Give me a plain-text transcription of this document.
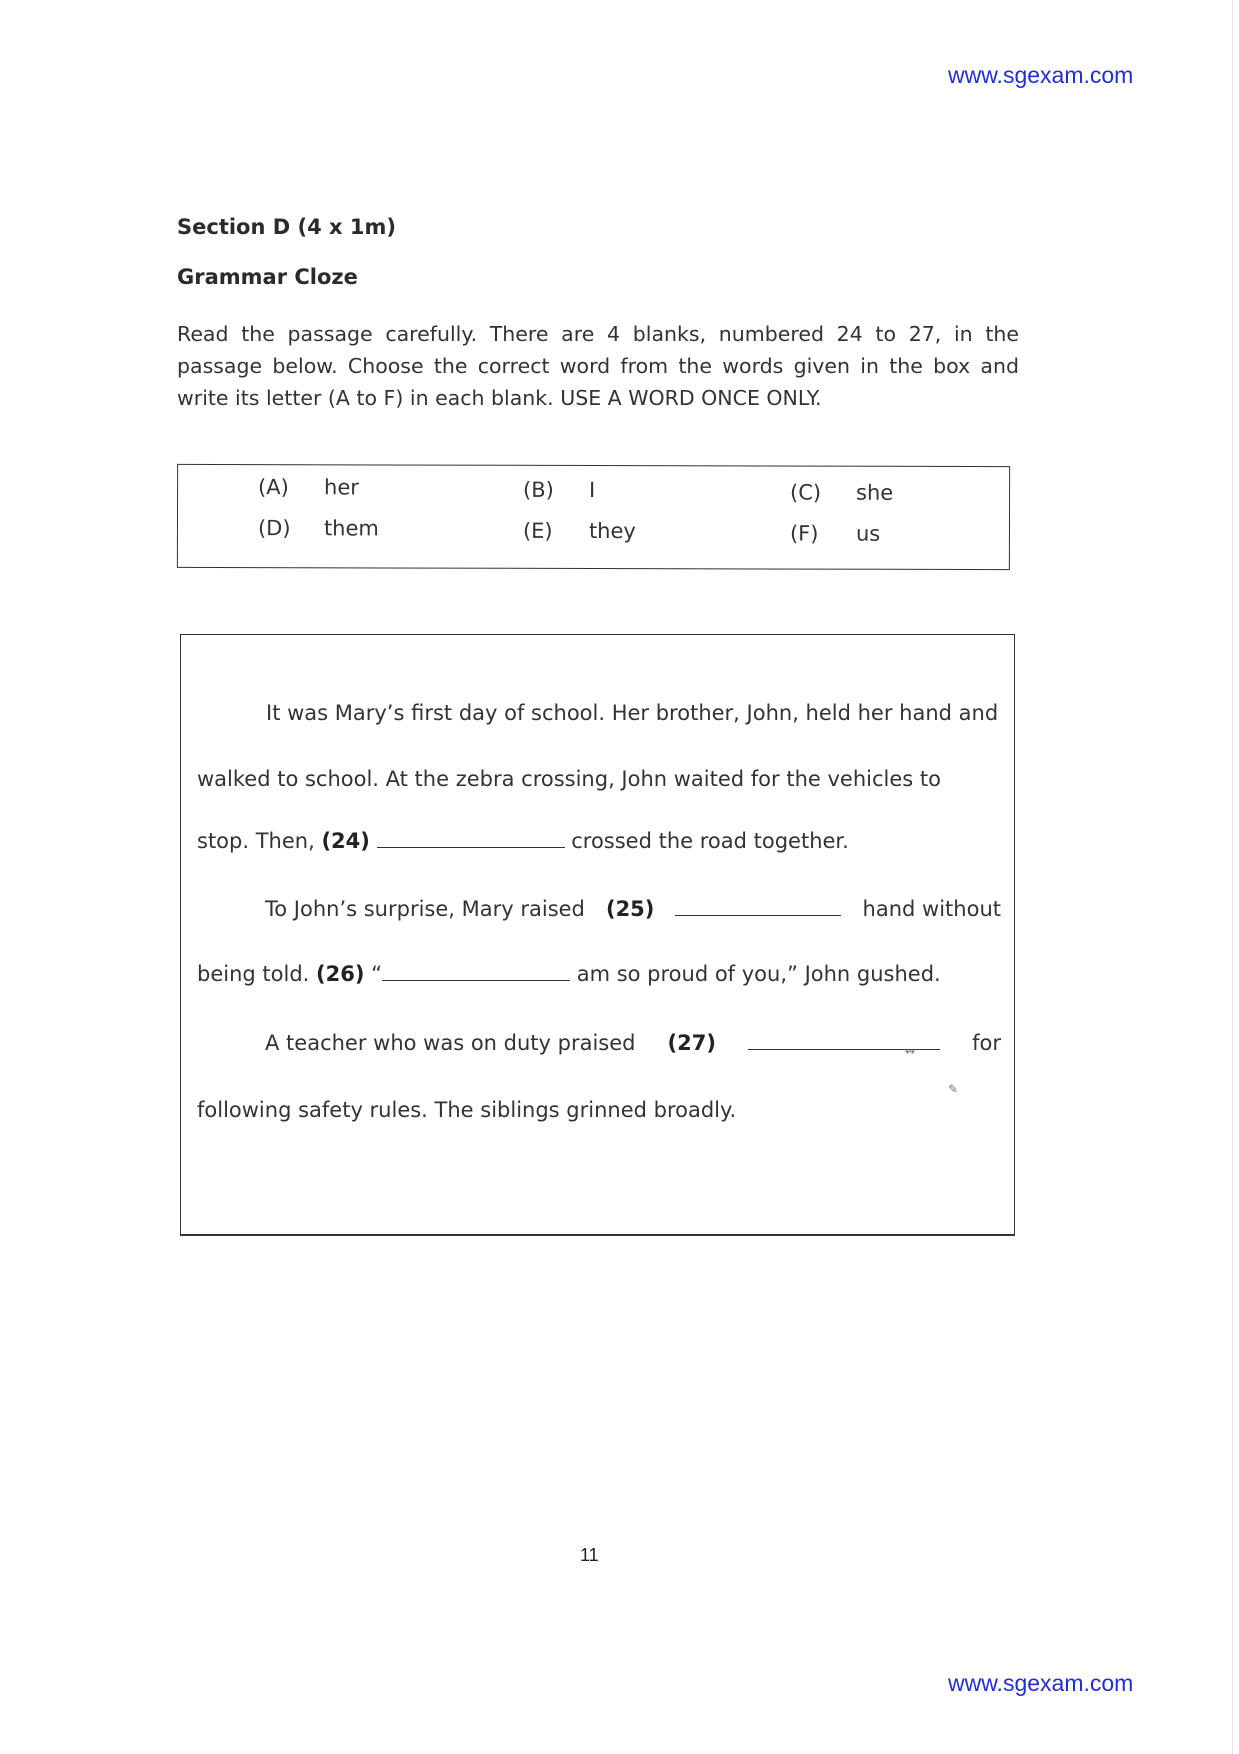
www.sgexam.com
Section D (4 x 1m)
Grammar Cloze
Read the passage carefully. There are 4 blanks, numbered 24 to 27, in the passage below. Choose the correct word from the words given in the box and write its letter (A to F) in each blank. USE A WORD ONCE ONLY.
(A) her	(B) I	(C) she
(D) them	(E) they	(F) us
It was Mary’s first day of school. Her brother, John, held her hand and
walked to school. At the zebra crossing, John waited for the vehicles to
stop. Then, (24)	crossed the road together.
To John’s surprise, Mary raised (25)	hand without
being told. (26) “	am so proud of you,” John gushed.
A teacher who was on duty praised (27)	for
↭
✎
following safety rules. The siblings grinned broadly.
11
www.sgexam.com
